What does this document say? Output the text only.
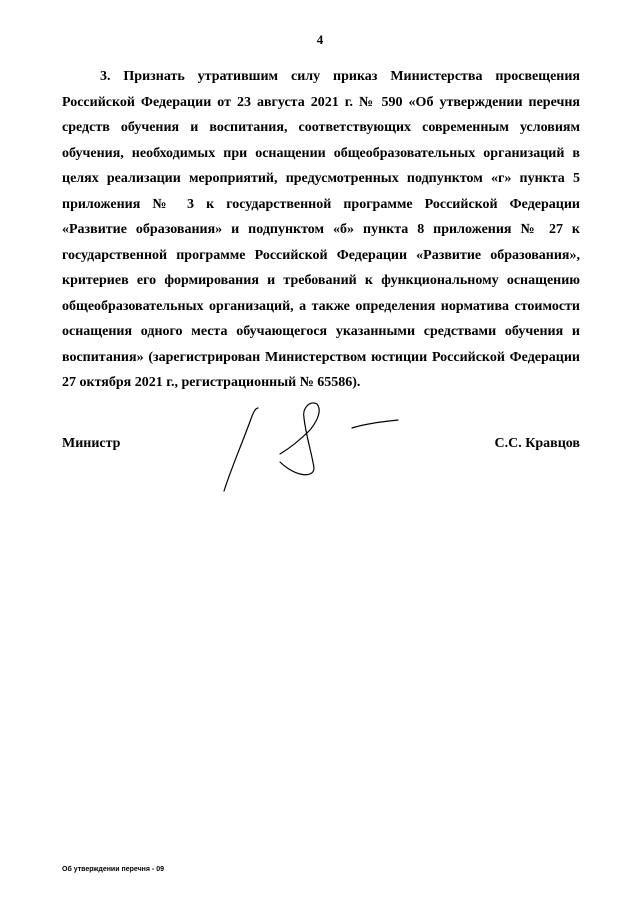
4

3. Признать утратившим силу приказ Министерства просвещения Российской Федерации от 23 августа 2021 г. № 590 «Об утверждении перечня средств обучения и воспитания, соответствующих современным условиям обучения, необходимых при оснащении общеобразовательных организаций в целях реализации мероприятий, предусмотренных подпунктом «г» пункта 5 приложения № 3 к государственной программе Российской Федерации «Развитие образования» и подпунктом «б» пункта 8 приложения № 27 к государственной программе Российской Федерации «Развитие образования», критериев его формирования и требований к функциональному оснащению общеобразовательных организаций, а также определения норматива стоимости оснащения одного места обучающегося указанными средствами обучения и воспитания» (зарегистрирован Министерством юстиции Российской Федерации 27 октября 2021 г., регистрационный № 65586).

Министр	С.С. Кравцов
Об утверждении перечня - 09
